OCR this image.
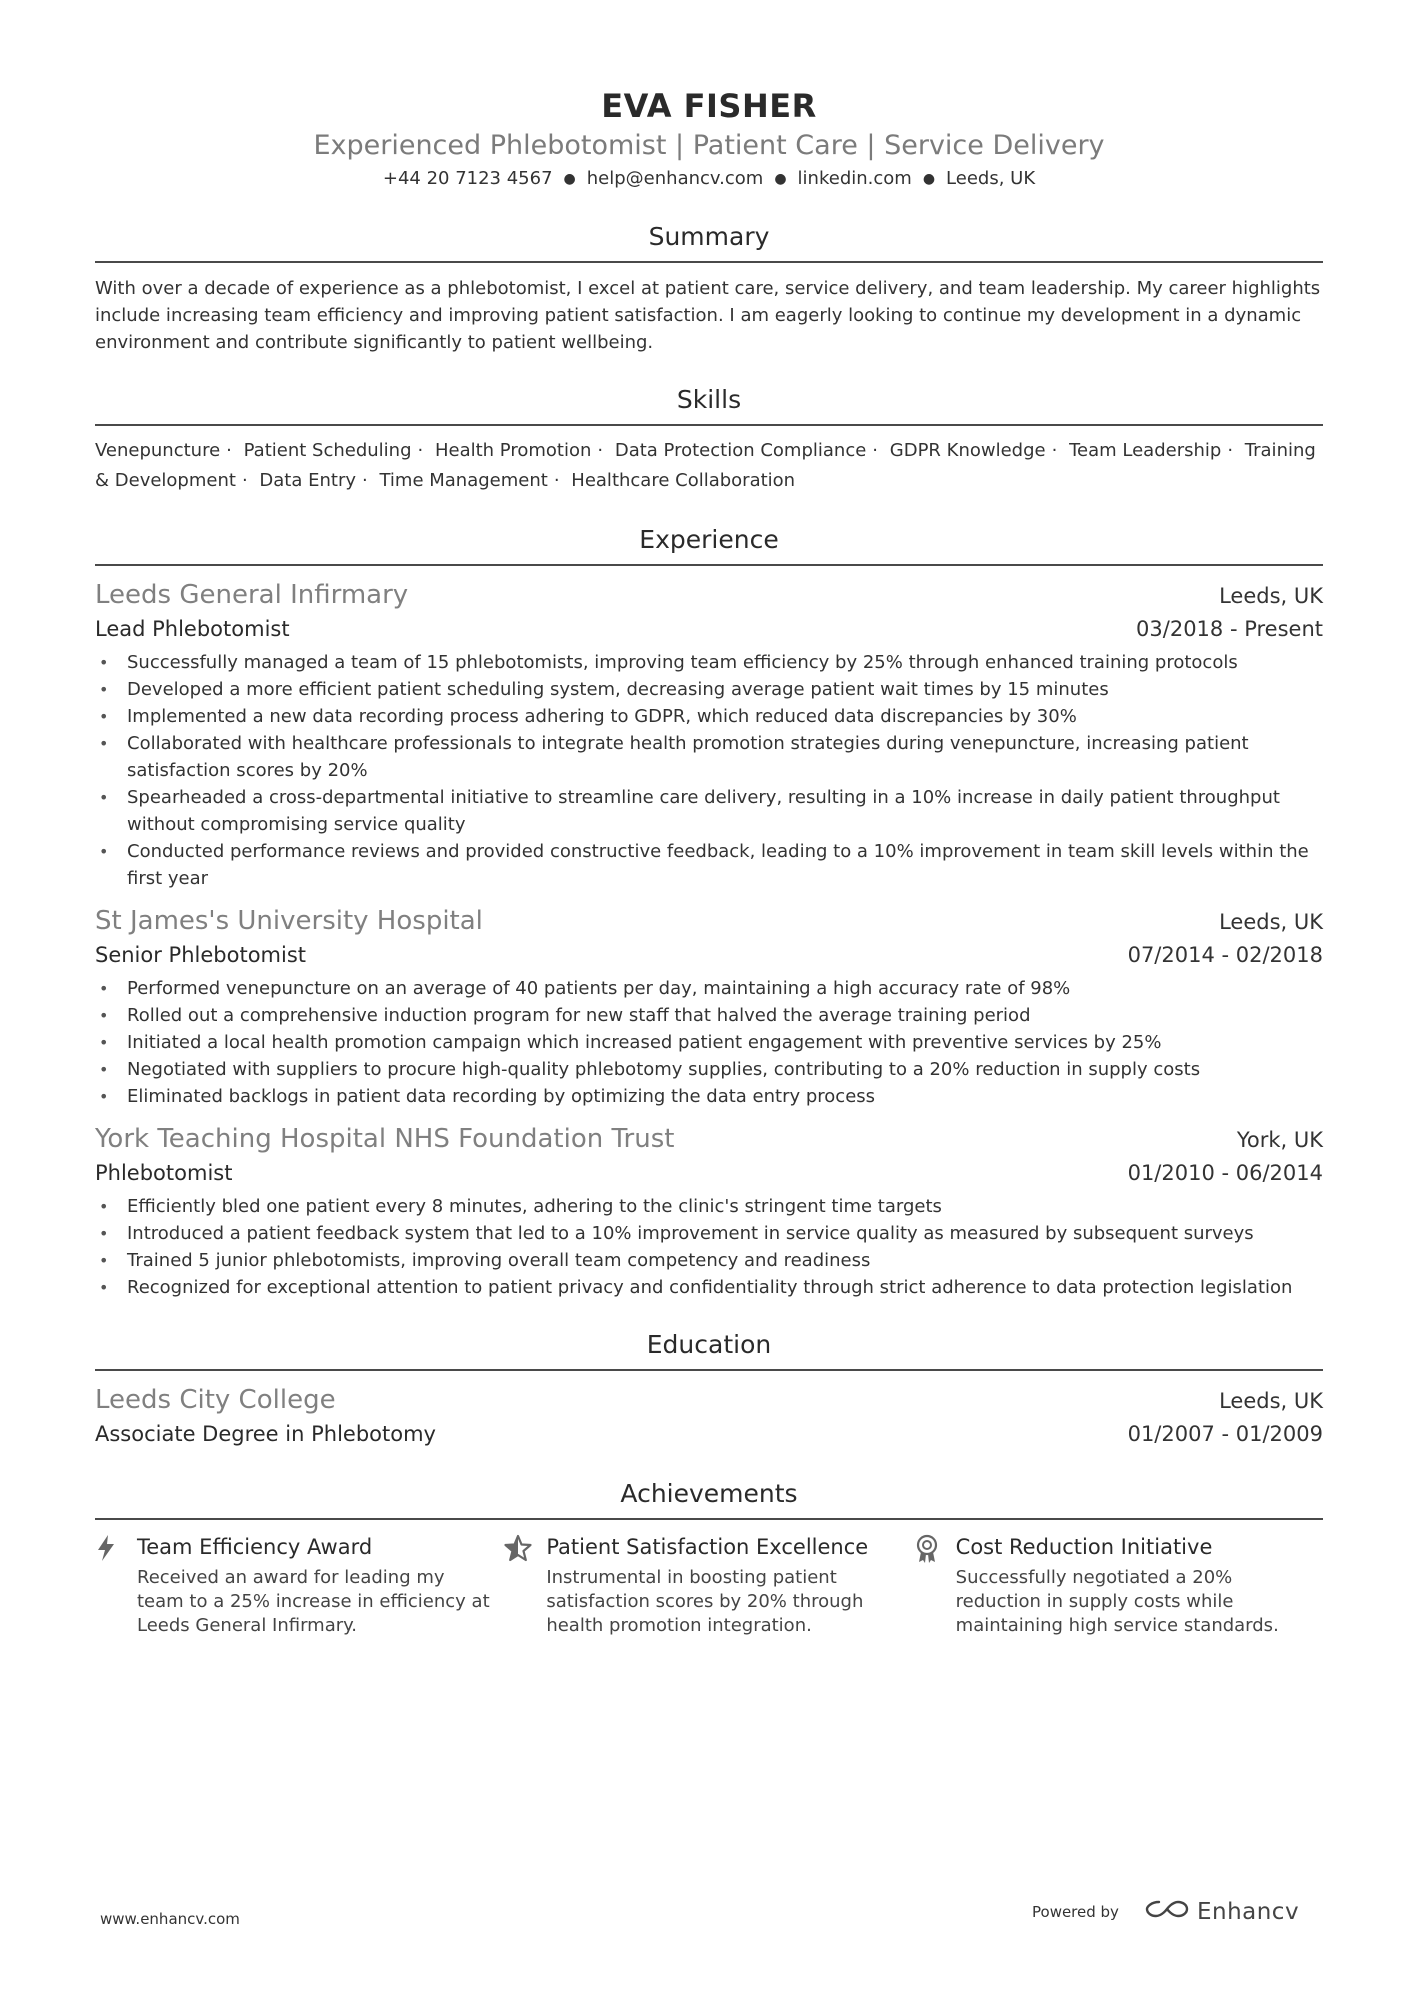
EVA FISHER
Experienced Phlebotomist | Patient Care | Service Delivery
+44 20 7123 4567 ● help@enhancv.com ● linkedin.com ● Leeds, UK
Summary
With over a decade of experience as a phlebotomist, I excel at patient care, service delivery, and team leadership. My career highlights include increasing team efficiency and improving patient satisfaction. I am eagerly looking to continue my development in a dynamic environment and contribute significantly to patient wellbeing.
Skills
Venepuncture · Patient Scheduling · Health Promotion · Data Protection Compliance · GDPR Knowledge · Team Leadership · Training & Development · Data Entry · Time Management · Healthcare Collaboration
Experience
Leeds General Infirmary	Leeds, UK
Lead Phlebotomist	03/2018 - Present
• Successfully managed a team of 15 phlebotomists, improving team efficiency by 25% through enhanced training protocols
• Developed a more efficient patient scheduling system, decreasing average patient wait times by 15 minutes
• Implemented a new data recording process adhering to GDPR, which reduced data discrepancies by 30%
• Collaborated with healthcare professionals to integrate health promotion strategies during venepuncture, increasing patient satisfaction scores by 20%
• Spearheaded a cross-departmental initiative to streamline care delivery, resulting in a 10% increase in daily patient throughput without compromising service quality
• Conducted performance reviews and provided constructive feedback, leading to a 10% improvement in team skill levels within the first year
St James's University Hospital	Leeds, UK
Senior Phlebotomist	07/2014 - 02/2018
• Performed venepuncture on an average of 40 patients per day, maintaining a high accuracy rate of 98%
• Rolled out a comprehensive induction program for new staff that halved the average training period
• Initiated a local health promotion campaign which increased patient engagement with preventive services by 25%
• Negotiated with suppliers to procure high-quality phlebotomy supplies, contributing to a 20% reduction in supply costs
• Eliminated backlogs in patient data recording by optimizing the data entry process
York Teaching Hospital NHS Foundation Trust	York, UK
Phlebotomist	01/2010 - 06/2014
• Efficiently bled one patient every 8 minutes, adhering to the clinic's stringent time targets
• Introduced a patient feedback system that led to a 10% improvement in service quality as measured by subsequent surveys
• Trained 5 junior phlebotomists, improving overall team competency and readiness
• Recognized for exceptional attention to patient privacy and confidentiality through strict adherence to data protection legislation
Education
Leeds City College	Leeds, UK
Associate Degree in Phlebotomy	01/2007 - 01/2009
Achievements
Team Efficiency Award
Received an award for leading my team to a 25% increase in efficiency at Leeds General Infirmary.
Patient Satisfaction Excellence
Instrumental in boosting patient satisfaction scores by 20% through health promotion integration.
Cost Reduction Initiative
Successfully negotiated a 20% reduction in supply costs while maintaining high service standards.
www.enhancv.com	Powered by	Enhancv
